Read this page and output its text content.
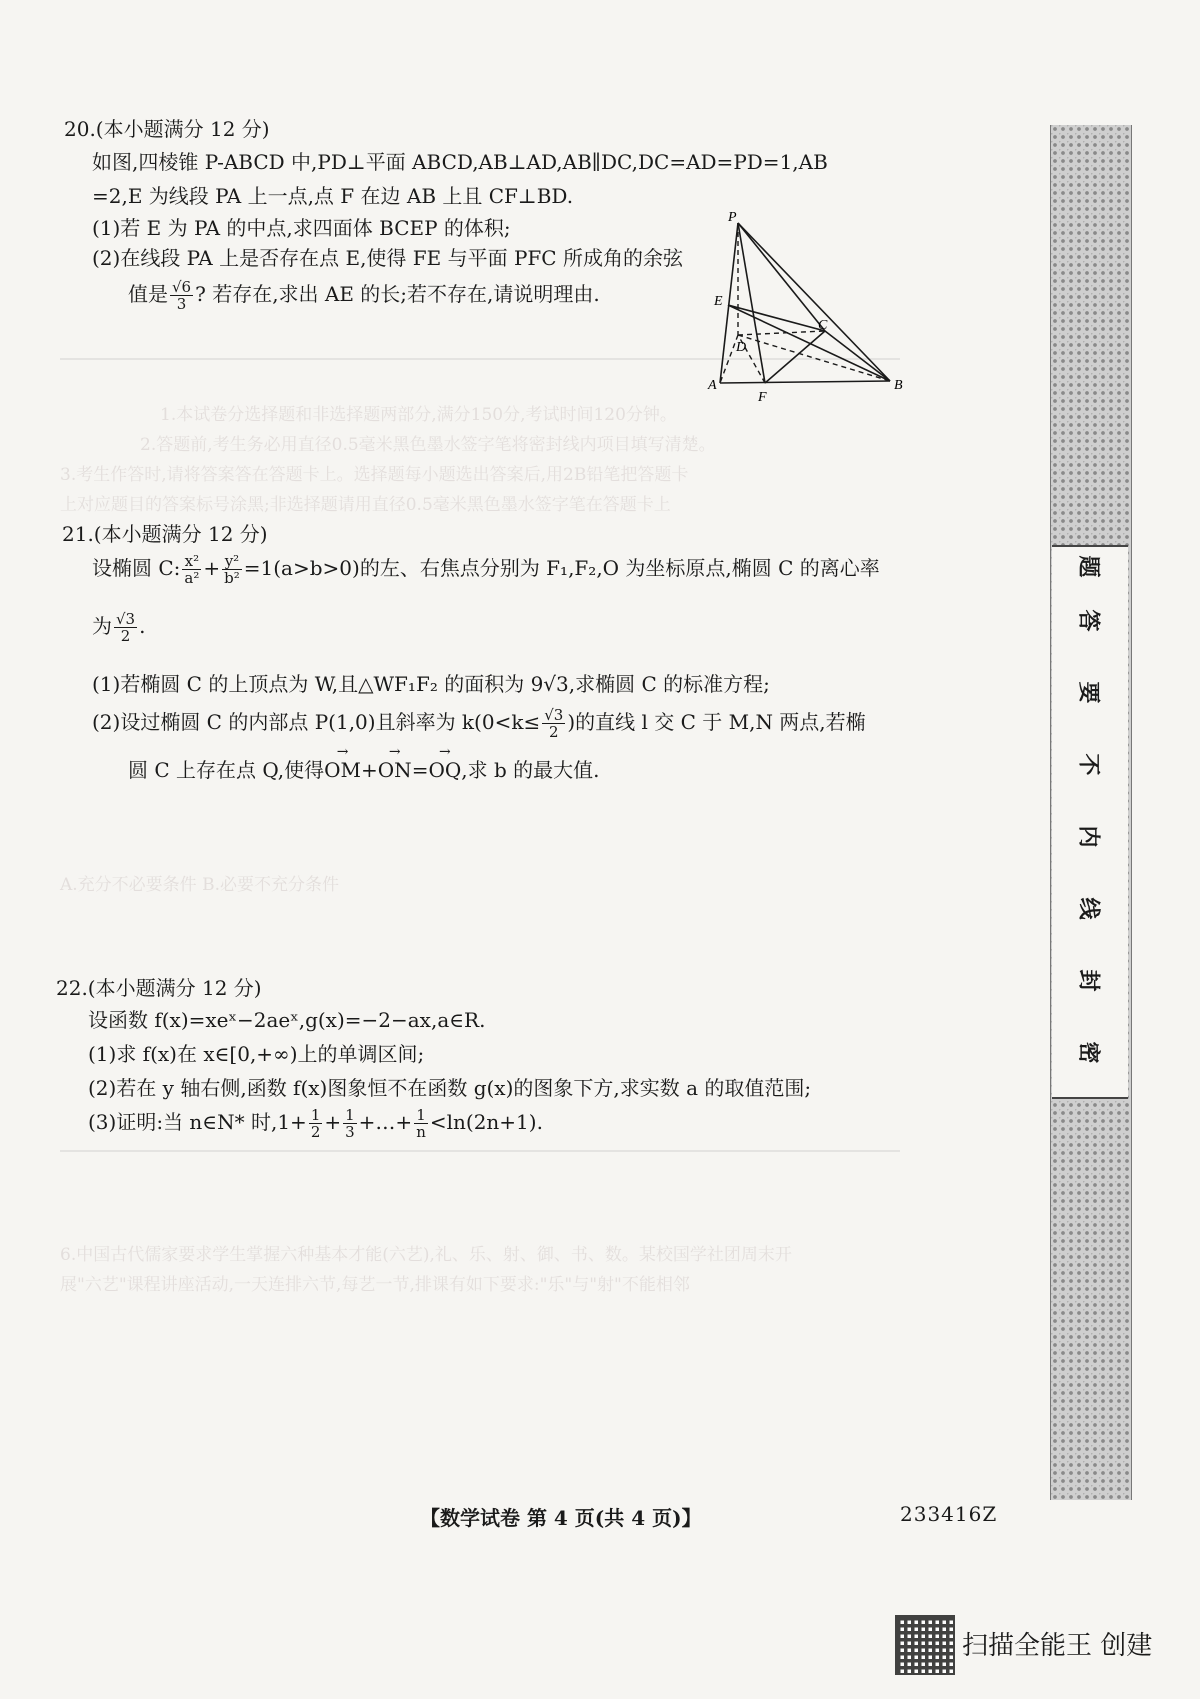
1.本试卷分选择题和非选择题两部分,满分150分,考试时间120分钟。
2.答题前,考生务必用直径0.5毫米黑色墨水签字笔将密封线内项目填写清楚。
3.考生作答时,请将答案答在答题卡上。选择题每小题选出答案后,用2B铅笔把答题卡
上对应题目的答案标号涂黑;非选择题请用直径0.5毫米黑色墨水签字笔在答题卡上
A.充分不必要条件 B.必要不充分条件
6.中国古代儒家要求学生掌握六种基本才能(六艺),礼、乐、射、御、书、数。某校国学社团周末开
展"六艺"课程讲座活动,一天连排六节,每艺一节,排课有如下要求:"乐"与"射"不能相邻
20.(本小题满分 12 分)
如图,四棱锥 P-ABCD 中,PD⊥平面 ABCD,AB⊥AD,AB∥DC,DC=AD=PD=1,AB
=2,E 为线段 PA 上一点,点 F 在边 AB 上且 CF⊥BD.
(1)若 E 为 PA 的中点,求四面体 BCEP 的体积;
(2)在线段 PA 上是否存在点 E,使得 FE 与平面 PFC 所成角的余弦
值是 $\frac{√6}{3}$ ? 若存在,求出 AE 的长;若不存在,请说明理由.
P
E
C
D
A
F
B
21.(本小题满分 12 分)
设椭圆 C: $\frac{\text{x²}}{\text{a²}} + \frac{\text{y²}}{\text{b²}} =1(a>b>0)$的左、右焦点分别为 F₁,F₂,O 为坐标原点,椭圆 C 的离心率
为 $\frac{√3}{2}$ .
(1)若椭圆 C 的上顶点为 W,且△WF₁F₂ 的面积为 9√3,求椭圆 C 的标准方程;
(2)设过椭圆 C 的内部点 P(1,0)且斜率为 $k(0<k\le \frac{√3}{2}$ )的直线 l 交 C 于 M,N 两点,若椭
圆 C 上存在点 Q,使得→ OM+→ ON=→ OQ,求 b 的最大值.
22.(本小题满分 12 分)
设函数 f(x)=xeˣ−2aeˣ,g(x)=−2−ax,a∈R.
(1)求 f(x)在 x∈[0,+∞)上的单调区间;
(2)若在 y 轴右侧,函数 f(x)图象恒不在函数 g(x)的图象下方,求实数 a 的取值范围;
(3)证明:当 n∈N* 时$,1+ \frac{1}{2} + \frac{1}{3}$ +…+ $\frac{1}{n} <\ln(2n+1)$.
密
封
线
内
不
要
答
题
【数学试卷 第 4 页(共 4 页)】	233416Z
扫描全能王 创建
